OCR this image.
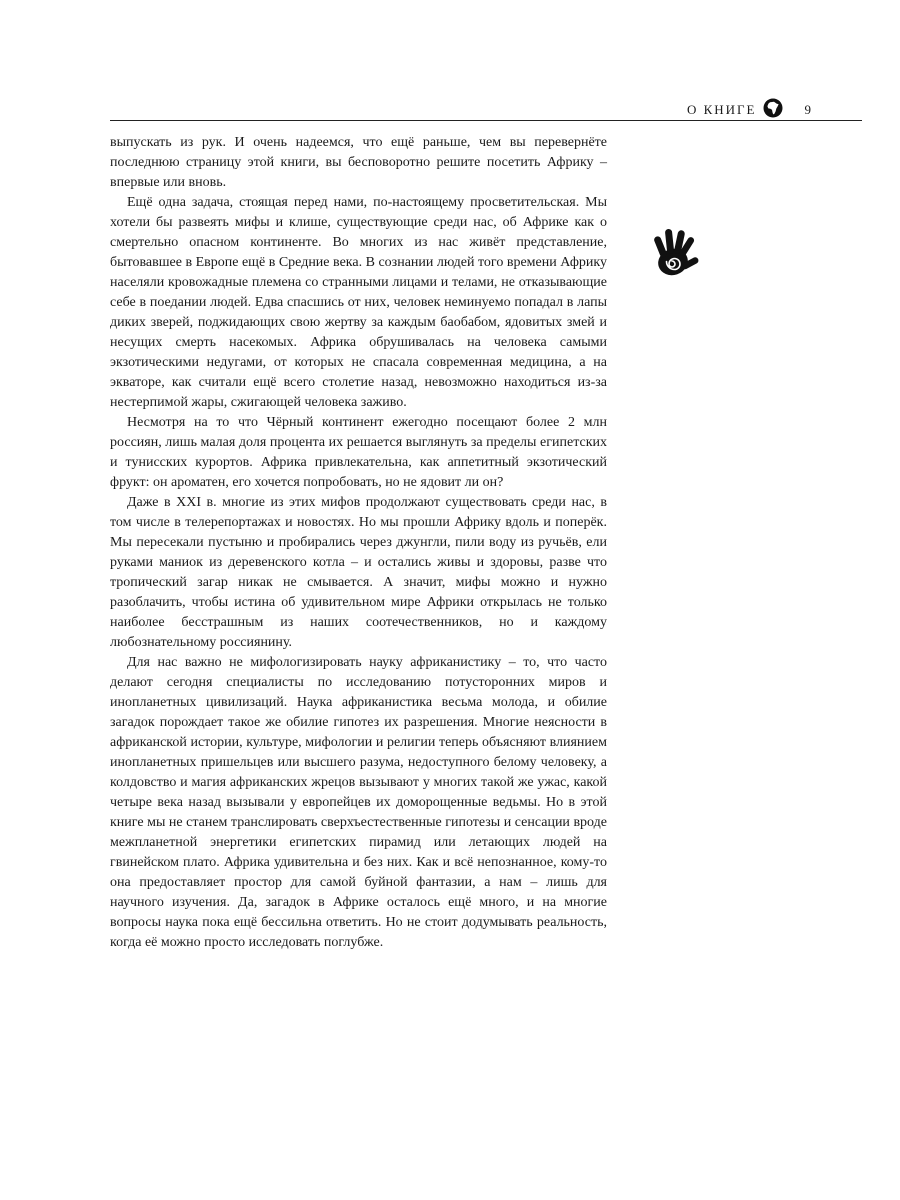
О КНИГЕ	9

выпускать из рук. И очень надеемся, что ещё раньше, чем вы перевернёте последнюю страницу этой книги, вы бесповоротно решите посетить Африку – впервые или вновь.

Ещё одна задача, стоящая перед нами, по-настоящему просветительская. Мы хотели бы развеять мифы и клише, существующие среди нас, об Африке как о смертельно опасном континенте. Во многих из нас живёт представление, бытовавшее в Европе ещё в Средние века. В сознании людей того времени Африку населяли кровожадные племена со странными лицами и телами, не отказывающие себе в поедании людей. Едва спасшись от них, человек неминуемо попадал в лапы диких зверей, поджидающих свою жертву за каждым баобабом, ядовитых змей и несущих смерть насекомых. Африка обрушивалась на человека самыми экзотическими недугами, от которых не спасала современная медицина, а на экваторе, как считали ещё всего столетие назад, невозможно находиться из-за нестерпимой жары, сжигающей человека заживо.

Несмотря на то что Чёрный континент ежегодно посещают более 2 млн россиян, лишь малая доля процента их решается выглянуть за пределы египетских и тунисских курортов. Африка привлекательна, как аппетитный экзотический фрукт: он ароматен, его хочется попробовать, но не ядовит ли он?

Даже в XXI в. многие из этих мифов продолжают существовать среди нас, в том числе в телерепортажах и новостях. Но мы прошли Африку вдоль и поперёк. Мы пересекали пустыню и пробирались через джунгли, пили воду из ручьёв, ели руками маниок из деревенского котла – и остались живы и здоровы, разве что тропический загар никак не смывается. А значит, мифы можно и нужно разоблачить, чтобы истина об удивительном мире Африки открылась не только наиболее бесстрашным из наших соотечественников, но и каждому любознательному россиянину.

Для нас важно не мифологизировать науку африканистику – то, что часто делают сегодня специалисты по исследованию потусторонних миров и инопланетных цивилизаций. Наука африканистика весьма молода, и обилие загадок порождает такое же обилие гипотез их разрешения. Многие неясности в африканской истории, культуре, мифологии и религии теперь объясняют влиянием инопланетных пришельцев или высшего разума, недоступного белому человеку, а колдовство и магия африканских жрецов вызывают у многих такой же ужас, какой четыре века назад вызывали у европейцев их доморощенные ведьмы. Но в этой книге мы не станем транслировать сверхъестественные гипотезы и сенсации вроде межпланетной энергетики египетских пирамид или летающих людей на гвинейском плато. Африка удивительна и без них. Как и всё непознанное, кому-то она предоставляет простор для самой буйной фантазии, а нам – лишь для научного изучения. Да, загадок в Африке осталось ещё много, и на многие вопросы наука пока ещё бессильна ответить. Но не стоит додумывать реальность, когда её можно просто исследовать поглубже.
